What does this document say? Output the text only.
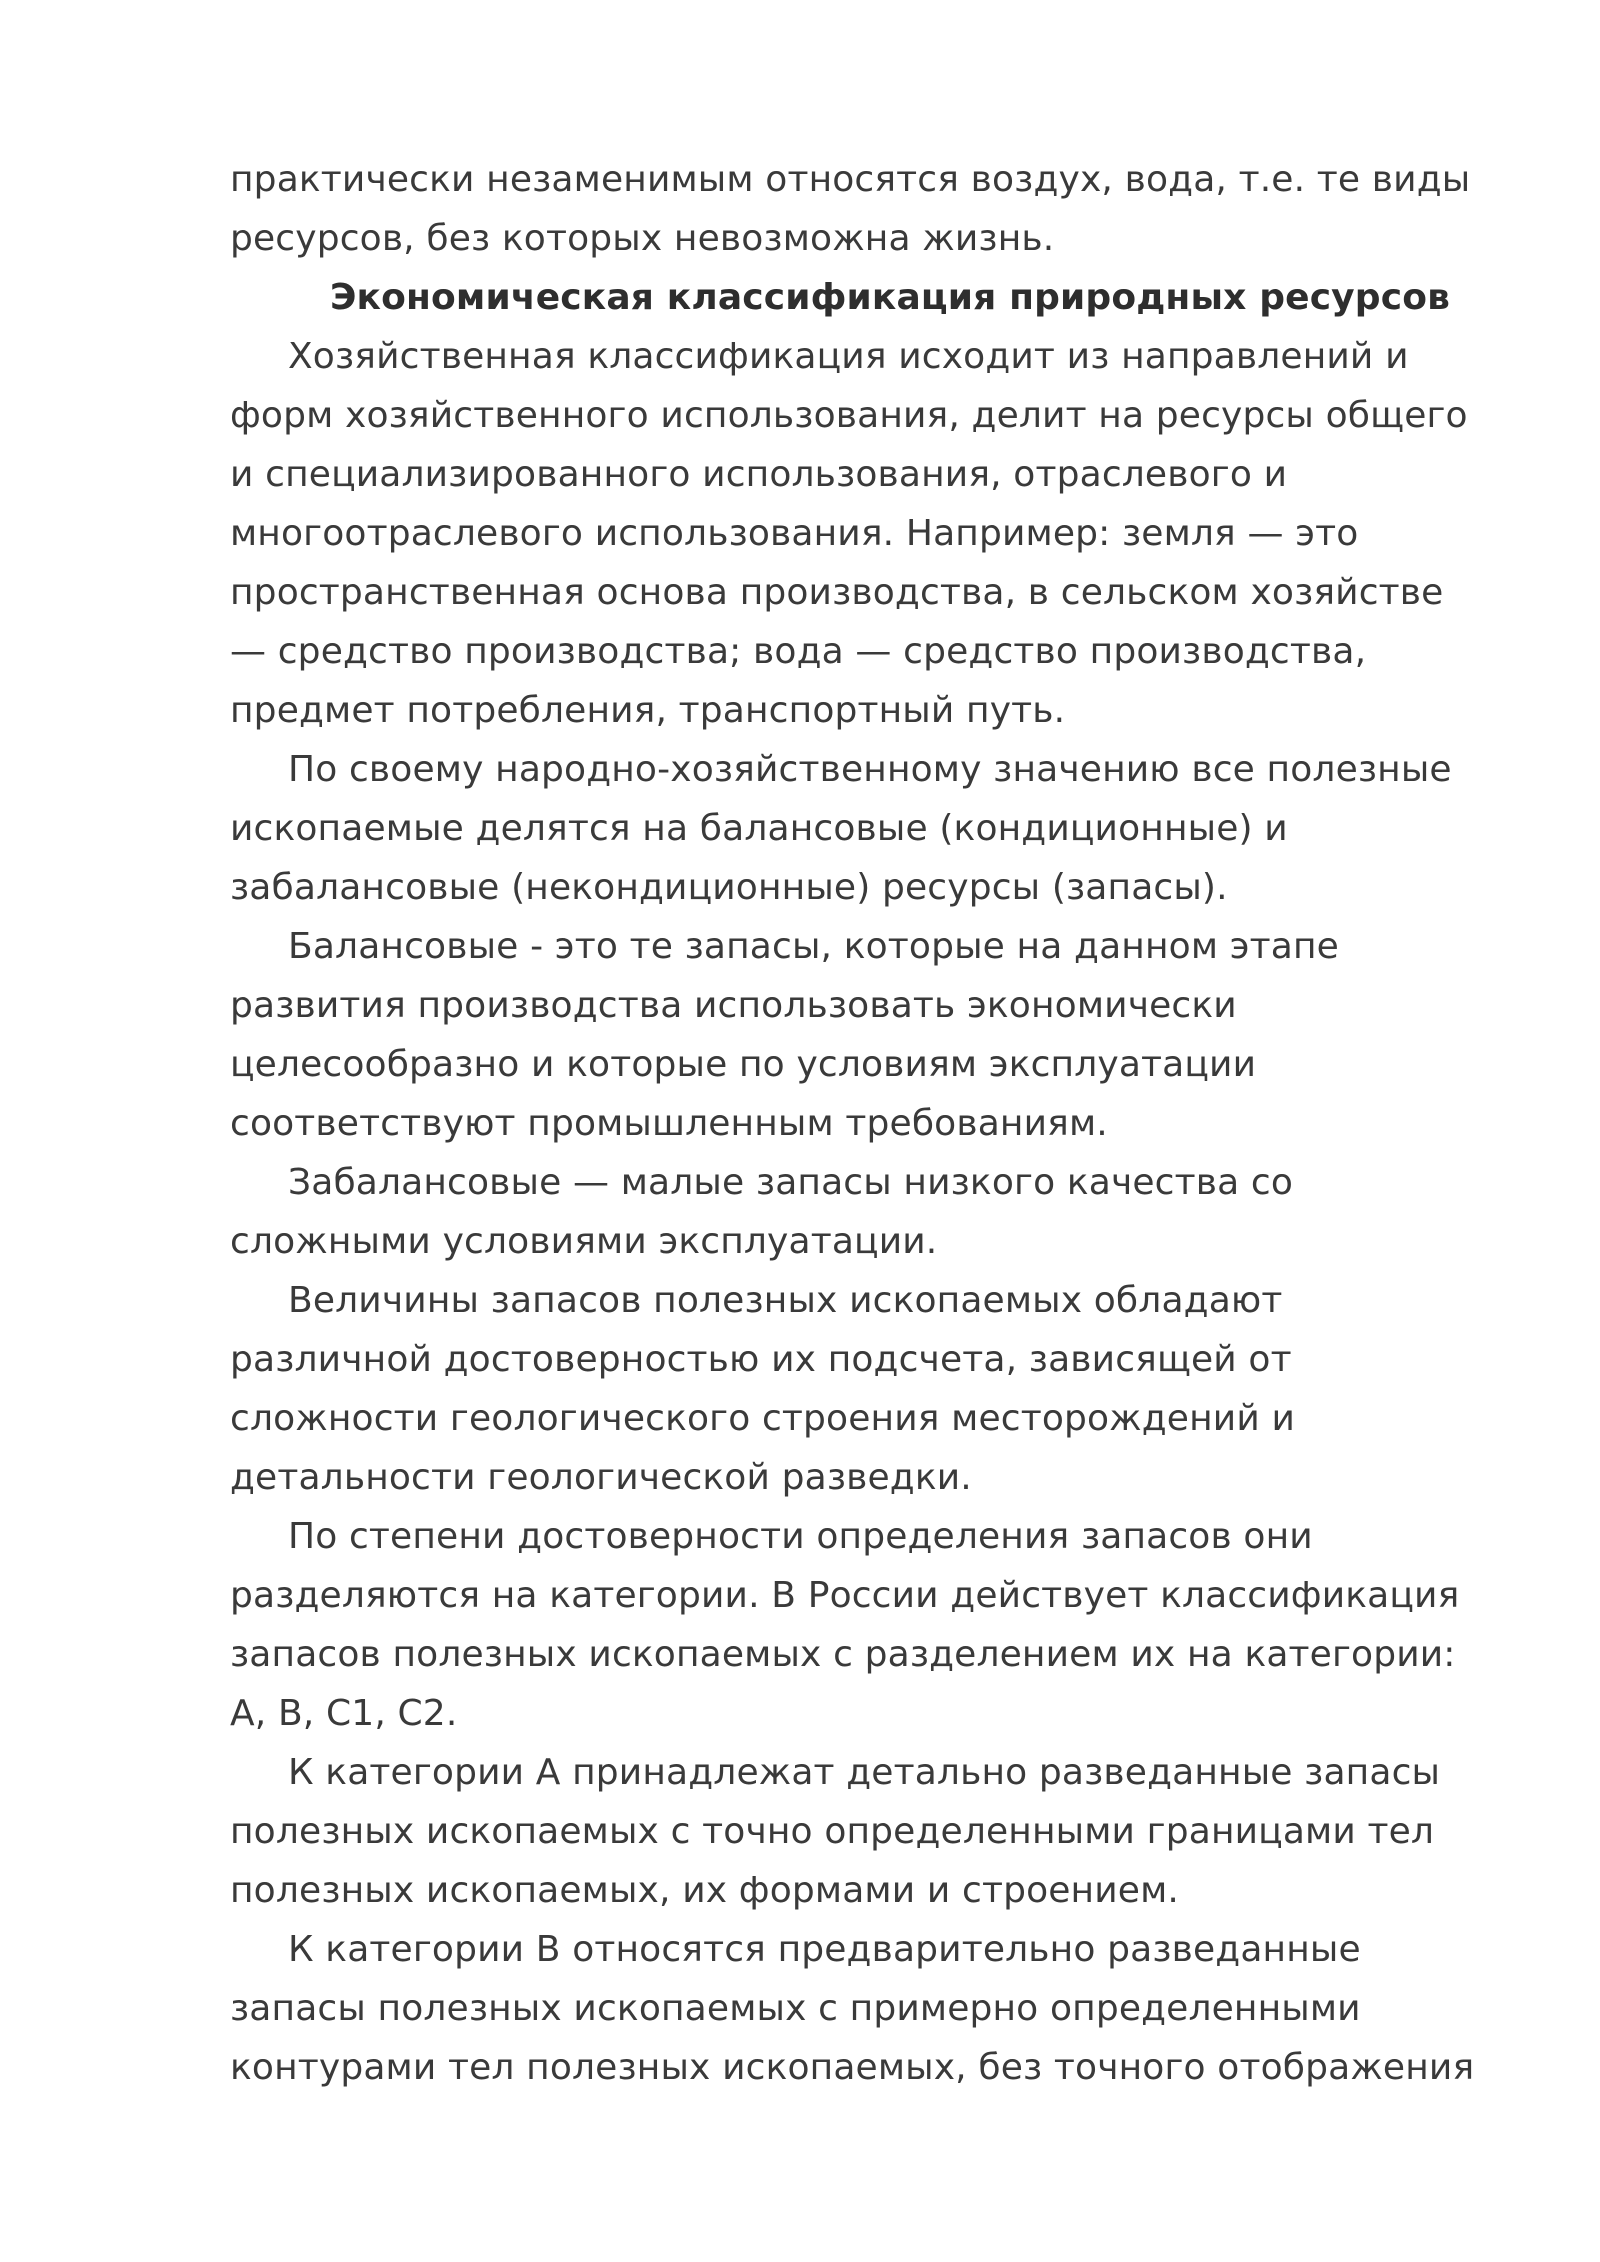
практически незаменимым относятся воздух, вода, т.е. те виды ресурсов, без которых невозможна жизнь.

Экономическая классификация природных ресурсов

Хозяйственная классификация исходит из направлений и форм хозяйственного использования, делит на ресурсы общего и специализированного использования, отраслевого и многоотраслевого использования. Например: земля — это пространственная основа производства, в сельском хозяйстве — средство производства; вода — средство производства, предмет потребления, транспортный путь.

По своему народно-хозяйственному значению все полезные ископаемые делятся на балансовые (кондиционные) и забалансовые (некондиционные) ресурсы (запасы).

Балансовые - это те запасы, которые на данном этапе развития производства использовать экономически целесообразно и которые по условиям эксплуатации соответствуют промышленным требованиям.

Забалансовые — малые запасы низкого качества со сложными условиями эксплуатации.

Величины запасов полезных ископаемых обладают различной достоверностью их подсчета, зависящей от сложности геологического строения месторождений и детальности геологической разведки.

По степени достоверности определения запасов они разделяются на категории. В России действует классификация запасов полезных ископаемых с разделением их на категории: А, В, С1, С2.

К категории А принадлежат детально разведанные запасы полезных ископаемых с точно определенными границами тел полезных ископаемых, их формами и строением.

К категории В относятся предварительно разведанные запасы полезных ископаемых с примерно определенными контурами тел полезных ископаемых, без точного отображения
